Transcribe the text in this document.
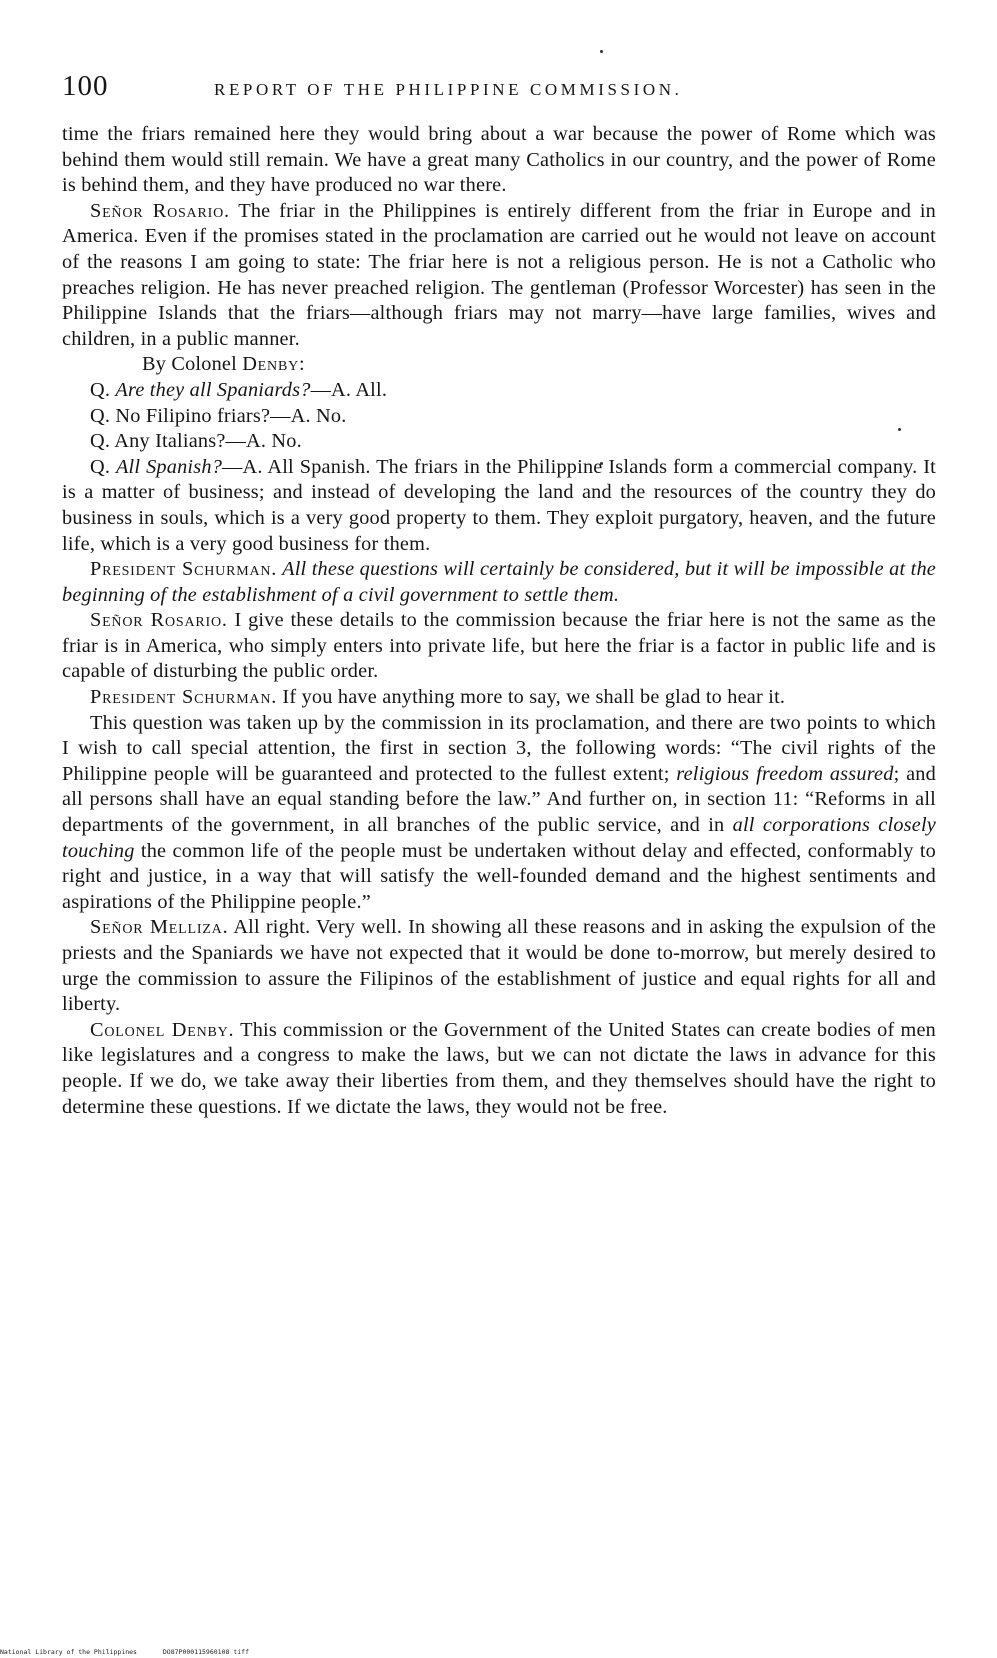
100	REPORT OF THE PHILIPPINE COMMISSION.

time the friars remained here they would bring about a war because the power of Rome which was behind them would still remain. We have a great many Catholics in our country, and the power of Rome is behind them, and they have produced no war there.

Señor Rosario. The friar in the Philippines is entirely different from the friar in Europe and in America. Even if the promises stated in the proclamation are carried out he would not leave on account of the reasons I am going to state: The friar here is not a religious person. He is not a Catholic who preaches religion. He has never preached religion. The gentleman (Professor Worcester) has seen in the Philippine Islands that the friars—although friars may not marry—have large families, wives and children, in a public manner.

By Colonel Denby:

Q. Are they all Spaniards?—A. All.

Q. No Filipino friars?—A. No.

Q. Any Italians?—A. No.

Q. All Spanish?—A. All Spanish. The friars in the Philippine Islands form a commercial company. It is a matter of business; and instead of developing the land and the resources of the country they do business in souls, which is a very good property to them. They exploit purgatory, heaven, and the future life, which is a very good business for them.

President Schurman. All these questions will certainly be considered, but it will be impossible at the beginning of the establishment of a civil government to settle them.

Señor Rosario. I give these details to the commission because the friar here is not the same as the friar is in America, who simply enters into private life, but here the friar is a factor in public life and is capable of disturbing the public order.

President Schurman. If you have anything more to say, we shall be glad to hear it.

This question was taken up by the commission in its proclamation, and there are two points to which I wish to call special attention, the first in section 3, the following words: “The civil rights of the Philippine people will be guaranteed and protected to the fullest extent; religious freedom assured; and all persons shall have an equal standing before the law.” And further on, in section 11: “Reforms in all departments of the government, in all branches of the public service, and in all corporations closely touching the common life of the people must be undertaken without delay and effected, conformably to right and justice, in a way that will satisfy the well-founded demand and the highest sentiments and aspirations of the Philippine people.”

Señor Melliza. All right. Very well. In showing all these reasons and in asking the expulsion of the priests and the Spaniards we have not expected that it would be done to-morrow, but merely desired to urge the commission to assure the Filipinos of the establishment of justice and equal rights for all and liberty.

Colonel Denby. This commission or the Government of the United States can create bodies of men like legislatures and a congress to make the laws, but we can not dictate the laws in advance for this people. If we do, we take away their liberties from them, and they themselves should have the right to determine these questions. If we dictate the laws, they would not be free.

National Library of the Philippines	DO87P000115960108 tiff
